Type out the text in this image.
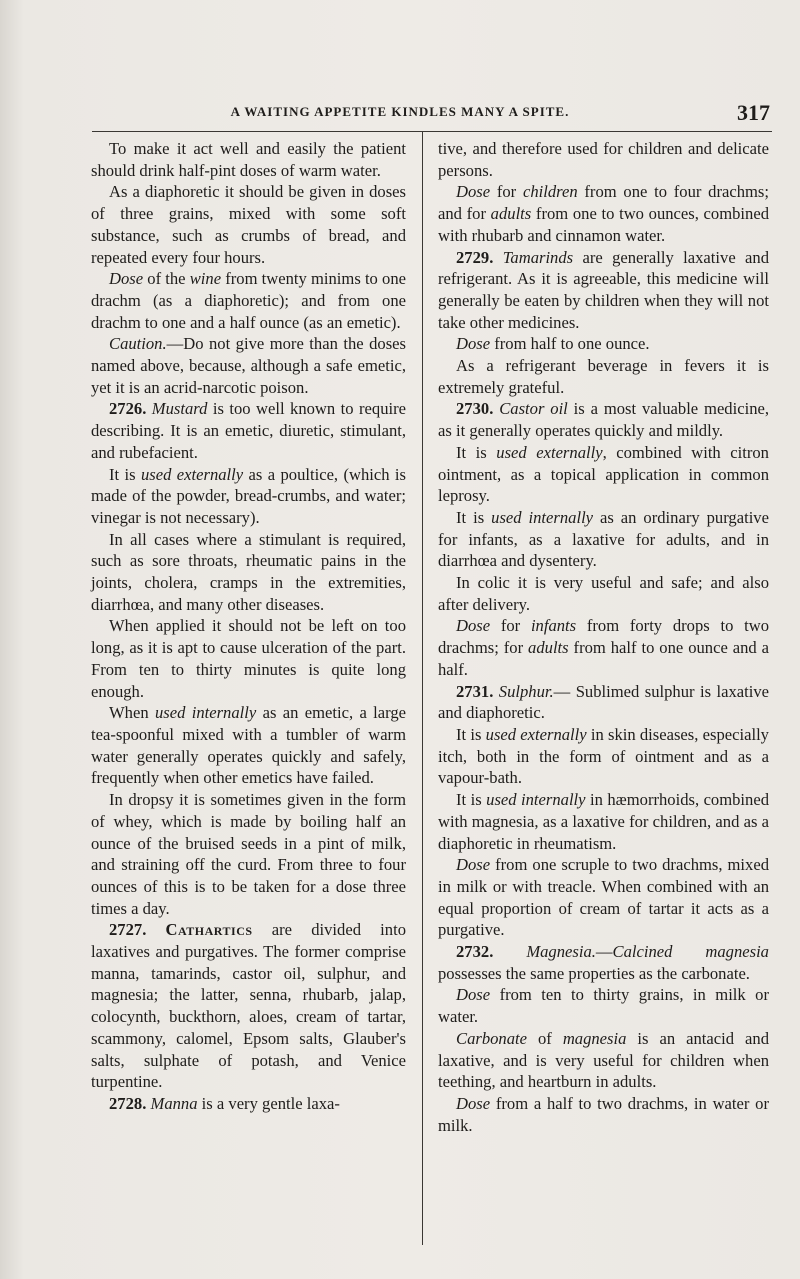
A WAITING APPETITE KINDLES MANY A SPITE.	317

To make it act well and easily the patient should drink half-pint doses of warm water.

As a diaphoretic it should be given in doses of three grains, mixed with some soft substance, such as crumbs of bread, and repeated every four hours.

Dose of the wine from twenty minims to one drachm (as a diaphoretic); and from one drachm to one and a half ounce (as an emetic).

Caution.—Do not give more than the doses named above, because, although a safe emetic, yet it is an acrid-narcotic poison.

2726. Mustard is too well known to require describing. It is an emetic, diuretic, stimulant, and rubefacient.

It is used externally as a poultice, (which is made of the powder, bread-crumbs, and water; vinegar is not necessary).

In all cases where a stimulant is required, such as sore throats, rheumatic pains in the joints, cholera, cramps in the extremities, diarrhœa, and many other diseases.

When applied it should not be left on too long, as it is apt to cause ulceration of the part. From ten to thirty minutes is quite long enough.

When used internally as an emetic, a large tea-spoonful mixed with a tumbler of warm water generally operates quickly and safely, frequently when other emetics have failed.

In dropsy it is sometimes given in the form of whey, which is made by boiling half an ounce of the bruised seeds in a pint of milk, and straining off the curd. From three to four ounces of this is to be taken for a dose three times a day.

2727. Cathartics are divided into laxatives and purgatives. The former comprise manna, tamarinds, castor oil, sulphur, and magnesia; the latter, senna, rhubarb, jalap, colocynth, buckthorn, aloes, cream of tartar, scammony, calomel, Epsom salts, Glauber's salts, sulphate of potash, and Venice turpentine.

2728. Manna is a very gentle laxa-

tive, and therefore used for children and delicate persons.

Dose for children from one to four drachms; and for adults from one to two ounces, combined with rhubarb and cinnamon water.

2729. Tamarinds are generally laxative and refrigerant. As it is agreeable, this medicine will generally be eaten by children when they will not take other medicines.

Dose from half to one ounce.

As a refrigerant beverage in fevers it is extremely grateful.

2730. Castor oil is a most valuable medicine, as it generally operates quickly and mildly.

It is used externally, combined with citron ointment, as a topical application in common leprosy.

It is used internally as an ordinary purgative for infants, as a laxative for adults, and in diarrhœa and dysentery.

In colic it is very useful and safe; and also after delivery.

Dose for infants from forty drops to two drachms; for adults from half to one ounce and a half.

2731. Sulphur.— Sublimed sulphur is laxative and diaphoretic.

It is used externally in skin diseases, especially itch, both in the form of ointment and as a vapour-bath.

It is used internally in hæmorrhoids, combined with magnesia, as a laxative for children, and as a diaphoretic in rheumatism.

Dose from one scruple to two drachms, mixed in milk or with treacle. When combined with an equal proportion of cream of tartar it acts as a purgative.

2732. Magnesia.—Calcined magnesia possesses the same properties as the carbonate.

Dose from ten to thirty grains, in milk or water.

Carbonate of magnesia is an antacid and laxative, and is very useful for children when teething, and heartburn in adults.

Dose from a half to two drachms, in water or milk.
